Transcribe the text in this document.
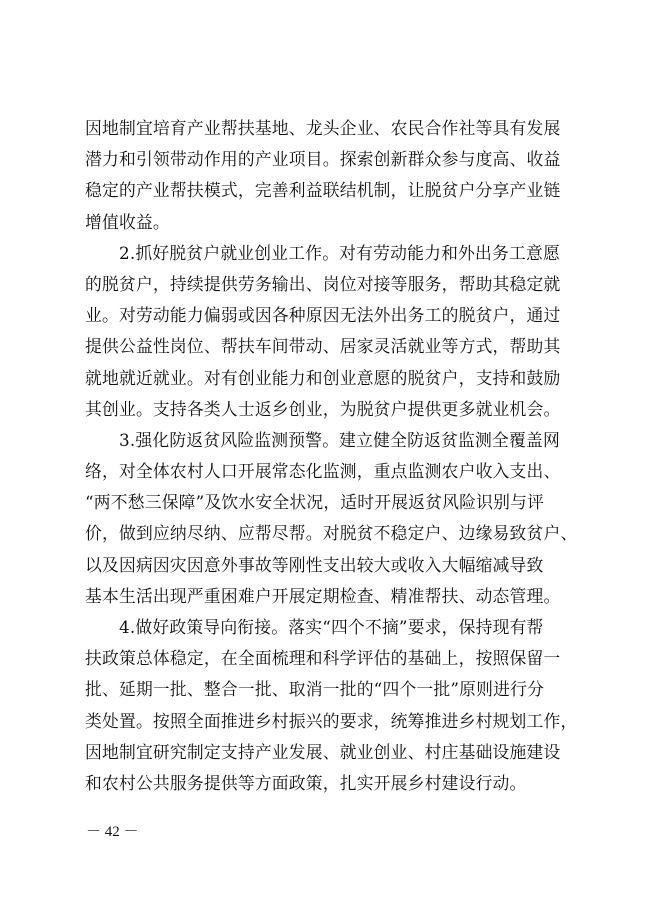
因地制宜培育产业帮扶基地、龙头企业、农民合作社等具有发展
潜力和引领带动作用的产业项目。探索创新群众参与度高、收益
稳定的产业帮扶模式，完善利益联结机制，让脱贫户分享产业链
增值收益。
2.抓好脱贫户就业创业工作。对有劳动能力和外出务工意愿
的脱贫户，持续提供劳务输出、岗位对接等服务，帮助其稳定就
业。对劳动能力偏弱或因各种原因无法外出务工的脱贫户，通过
提供公益性岗位、帮扶车间带动、居家灵活就业等方式，帮助其
就地就近就业。对有创业能力和创业意愿的脱贫户，支持和鼓励
其创业。支持各类人士返乡创业，为脱贫户提供更多就业机会。
3.强化防返贫风险监测预警。建立健全防返贫监测全覆盖网
络，对全体农村人口开展常态化监测，重点监测农户收入支出、
“两不愁三保障”及饮水安全状况，适时开展返贫风险识别与评
价，做到应纳尽纳、应帮尽帮。对脱贫不稳定户、边缘易致贫户、
以及因病因灾因意外事故等刚性支出较大或收入大幅缩减导致
基本生活出现严重困难户开展定期检查、精准帮扶、动态管理。
4.做好政策导向衔接。落实“四个不摘”要求，保持现有帮
扶政策总体稳定，在全面梳理和科学评估的基础上，按照保留一
批、延期一批、整合一批、取消一批的“四个一批”原则进行分
类处置。按照全面推进乡村振兴的要求，统筹推进乡村规划工作，
因地制宜研究制定支持产业发展、就业创业、村庄基础设施建设
和农村公共服务提供等方面政策，扎实开展乡村建设行动。
－ 42 －
